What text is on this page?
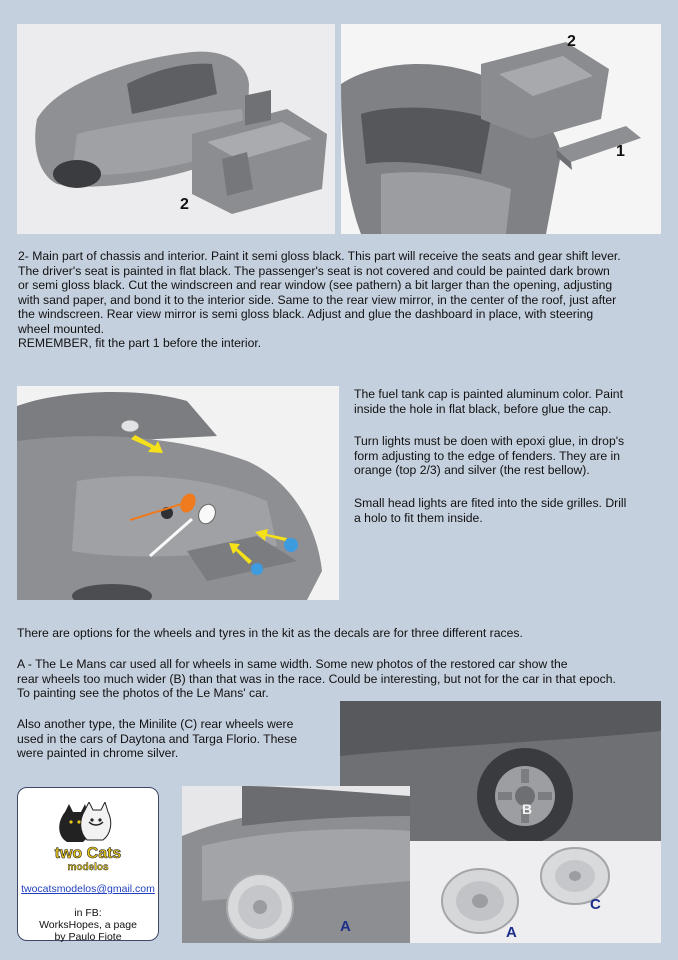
2
2
1

2- Main part of chassis and interior. Paint it semi gloss black. This part will receive the seats and gear shift lever.
The driver's seat is painted in flat black. The passenger's seat is not covered and could be painted dark brown
or semi gloss black. Cut the windscreen and rear window (see pathern) a bit larger than the opening, adjusting
with sand paper, and bond it to the interior side. Same to the rear view mirror, in the center of the roof, just after
the windscreen. Rear view mirror is semi gloss black. Adjust and glue the dashboard in place, with steering
wheel mounted.
REMEMBER, fit the part 1 before the interior.

The fuel tank cap is painted aluminum color. Paint
inside the hole in flat black, before glue the cap.

Turn lights must be doen with epoxi glue, in drop's
form adjusting to the edge of fenders. They are in
orange (top 2/3) and silver (the rest bellow).

Small head lights are fited into the side grilles. Drill
a holo to fit them inside.

There are options for the wheels and tyres in the kit as the decals are for three different races.

A - The Le Mans car used all for wheels in same width. Some new photos of the restored car show the
rear wheels too much wider (B) than that was in the race. Could be interesting, but not for the car in that epoch.
To painting see the photos of the Le Mans' car.

Also another type, the Minilite (C) rear wheels were
used in the cars of Daytona and Targa Florio. These
were painted in chrome silver.

B
A	A
C
two Cats
modelos
twocatsmodelos@gmail.com
in FB:
WorksHopes, a page by Paulo Fiote
